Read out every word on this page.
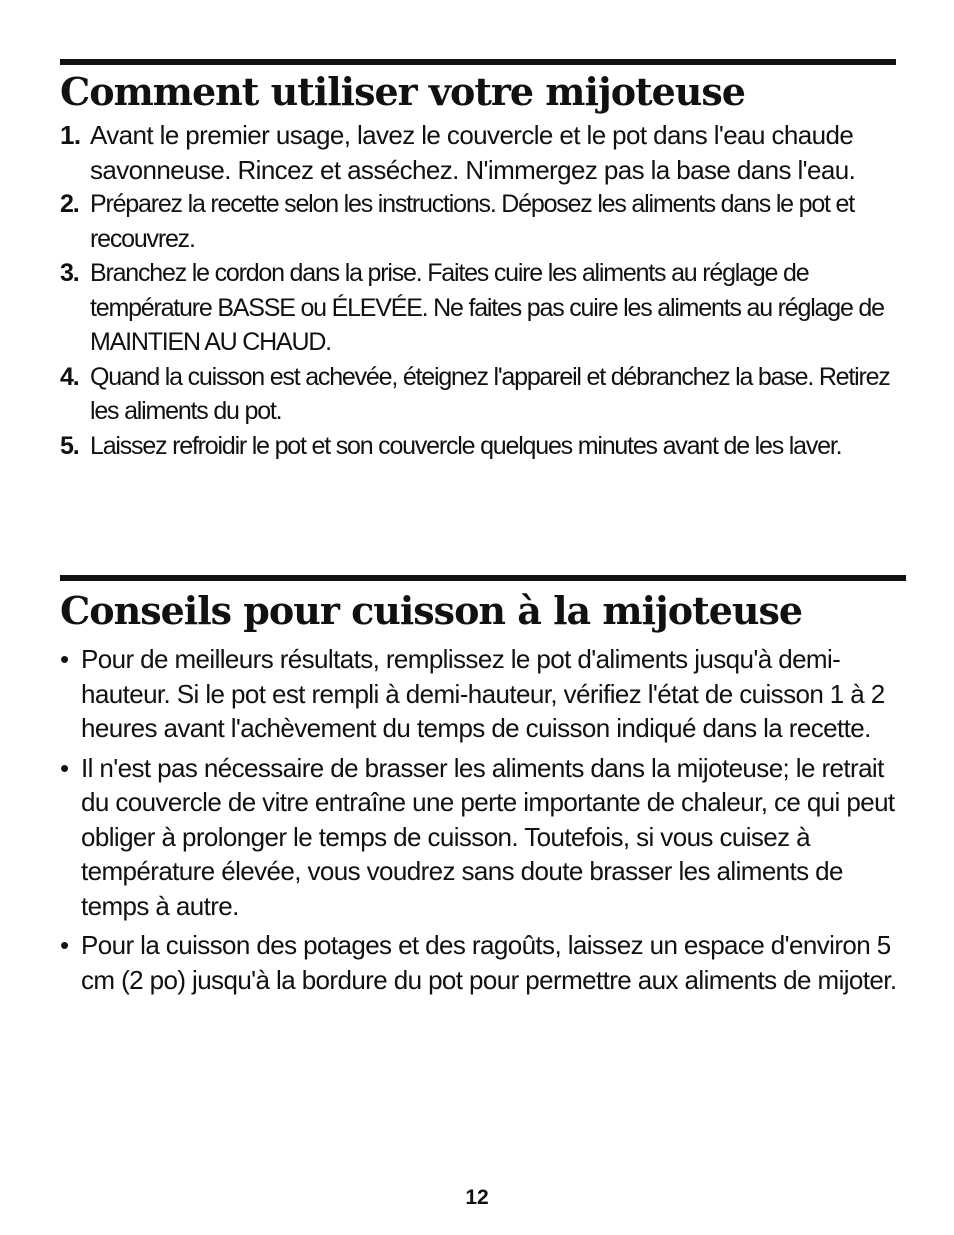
Comment utiliser votre mijoteuse
1. Avant le premier usage, lavez le couvercle et le pot dans l'eau chaude savonneuse. Rincez et asséchez. N'immergez pas la base dans l'eau.
2. Préparez la recette selon les instructions. Déposez les aliments dans le pot et recouvrez.
3. Branchez le cordon dans la prise. Faites cuire les aliments au réglage de température BASSE ou ÉLEVÉE. Ne faites pas cuire les aliments au réglage de MAINTIEN AU CHAUD.
4. Quand la cuisson est achevée, éteignez l'appareil et débranchez la base. Retirez les aliments du pot.
5. Laissez refroidir le pot et son couvercle quelques minutes avant de les laver.
Conseils pour cuisson à la mijoteuse
• Pour de meilleurs résultats, remplissez le pot d'aliments jusqu'à demi-hauteur. Si le pot est rempli à demi-hauteur, vérifiez l'état de cuisson 1 à 2 heures avant l'achèvement du temps de cuisson indiqué dans la recette.
• Il n'est pas nécessaire de brasser les aliments dans la mijoteuse; le retrait du couvercle de vitre entraîne une perte importante de chaleur, ce qui peut obliger à prolonger le temps de cuisson. Toutefois, si vous cuisez à température élevée, vous voudrez sans doute brasser les aliments de temps à autre.
• Pour la cuisson des potages et des ragoûts, laissez un espace d'environ 5 cm (2 po) jusqu'à la bordure du pot pour permettre aux aliments de mijoter.
12
